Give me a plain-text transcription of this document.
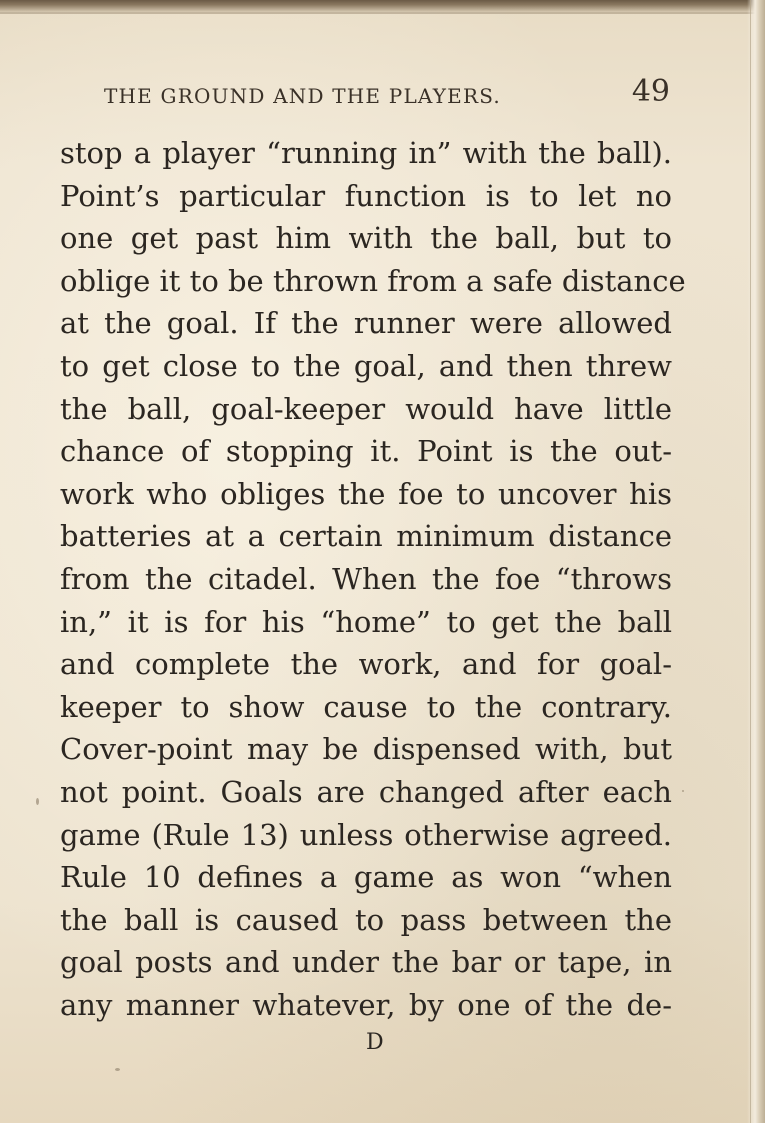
THE GROUND AND THE PLAYERS.	49
stop a player “running in” with the ball).
Point’s particular function is to let no
one get past him with the ball, but to
oblige it to be thrown from a safe distance
at the goal. If the runner were allowed
to get close to the goal, and then threw
the ball, goal-keeper would have little
chance of stopping it. Point is the out-
work who obliges the foe to uncover his
batteries at a certain minimum distance
from the citadel. When the foe “throws
in,” it is for his “home” to get the ball
and complete the work, and for goal-
keeper to show cause to the contrary.
Cover-point may be dispensed with, but
not point. Goals are changed after each
game (Rule 13) unless otherwise agreed.
Rule 10 defines a game as won “when
the ball is caused to pass between the
goal posts and under the bar or tape, in
any manner whatever, by one of the de-
D
